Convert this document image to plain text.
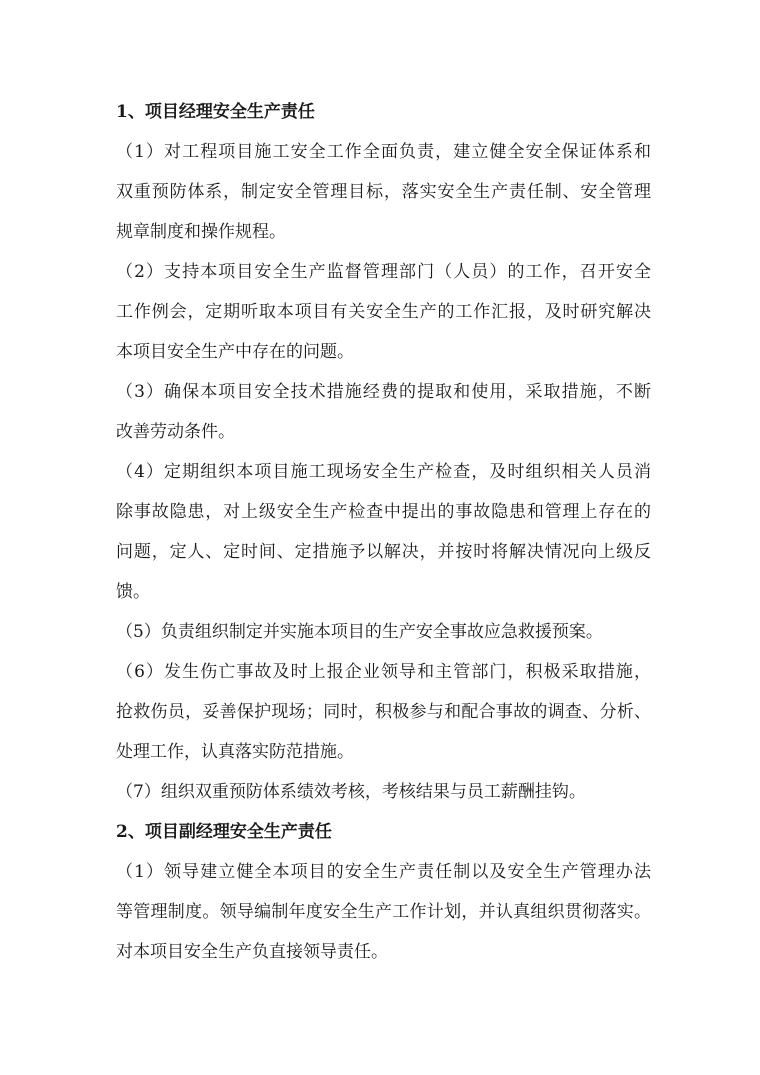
1、项目经理安全生产责任
（1）对工程项目施工安全工作全面负责，建立健全安全保证体系和
双重预防体系，制定安全管理目标，落实安全生产责任制、安全管理
规章制度和操作规程。
（2）支持本项目安全生产监督管理部门（人员）的工作，召开安全
工作例会，定期听取本项目有关安全生产的工作汇报，及时研究解决
本项目安全生产中存在的问题。
（3）确保本项目安全技术措施经费的提取和使用，采取措施，不断
改善劳动条件。
（4）定期组织本项目施工现场安全生产检查，及时组织相关人员消
除事故隐患，对上级安全生产检查中提出的事故隐患和管理上存在的
问题，定人、定时间、定措施予以解决，并按时将解决情况向上级反
馈。
（5）负责组织制定并实施本项目的生产安全事故应急救援预案。
（6）发生伤亡事故及时上报企业领导和主管部门，积极采取措施，
抢救伤员，妥善保护现场；同时，积极参与和配合事故的调查、分析、
处理工作，认真落实防范措施。
（7）组织双重预防体系绩效考核，考核结果与员工薪酬挂钩。
2、项目副经理安全生产责任
（1）领导建立健全本项目的安全生产责任制以及安全生产管理办法
等管理制度。领导编制年度安全生产工作计划，并认真组织贯彻落实。
对本项目安全生产负直接领导责任。
